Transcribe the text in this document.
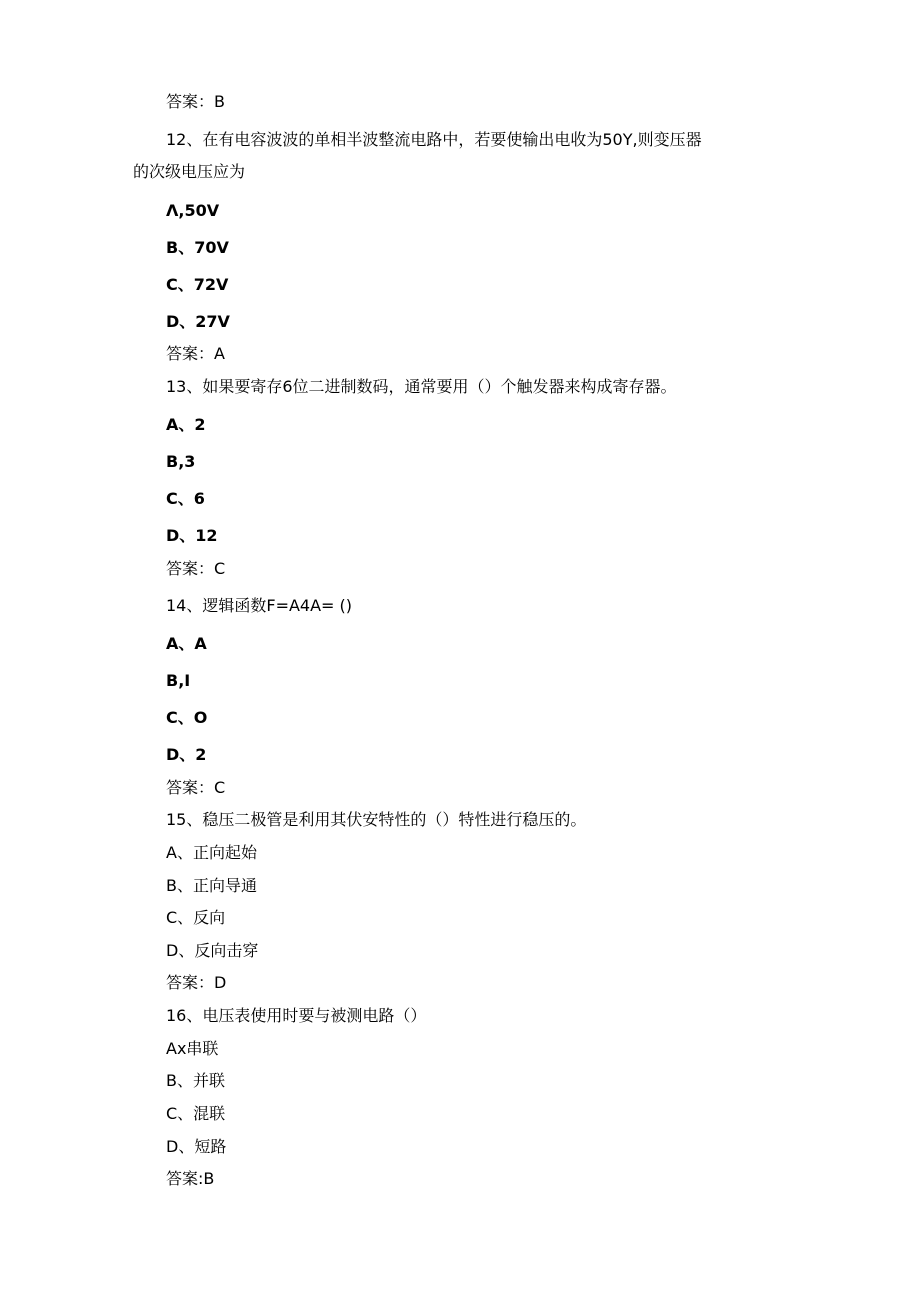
答案：B
12、在有电容波波的单相半波整流电路中，若要使输出电收为50Y,则变压器
的次级电压应为
Λ,50V
B、70V
C、72V
D、27V
答案：A
13、如果要寄存6位二进制数码，通常要用（）个触发器来构成寄存器。
A、2
B,3
C、6
D、12
答案：C
14、逻辑函数F=A4A= ()
A、A
B,I
C、O
D、2
答案：C
15、稳压二极管是利用其伏安特性的（）特性进行稳压的。
A、正向起始
B、正向导通
C、反向
D、反向击穿
答案：D
16、电压表使用时要与被测电路（）
Ax串联
B、并联
C、混联
D、短路
答案:B
